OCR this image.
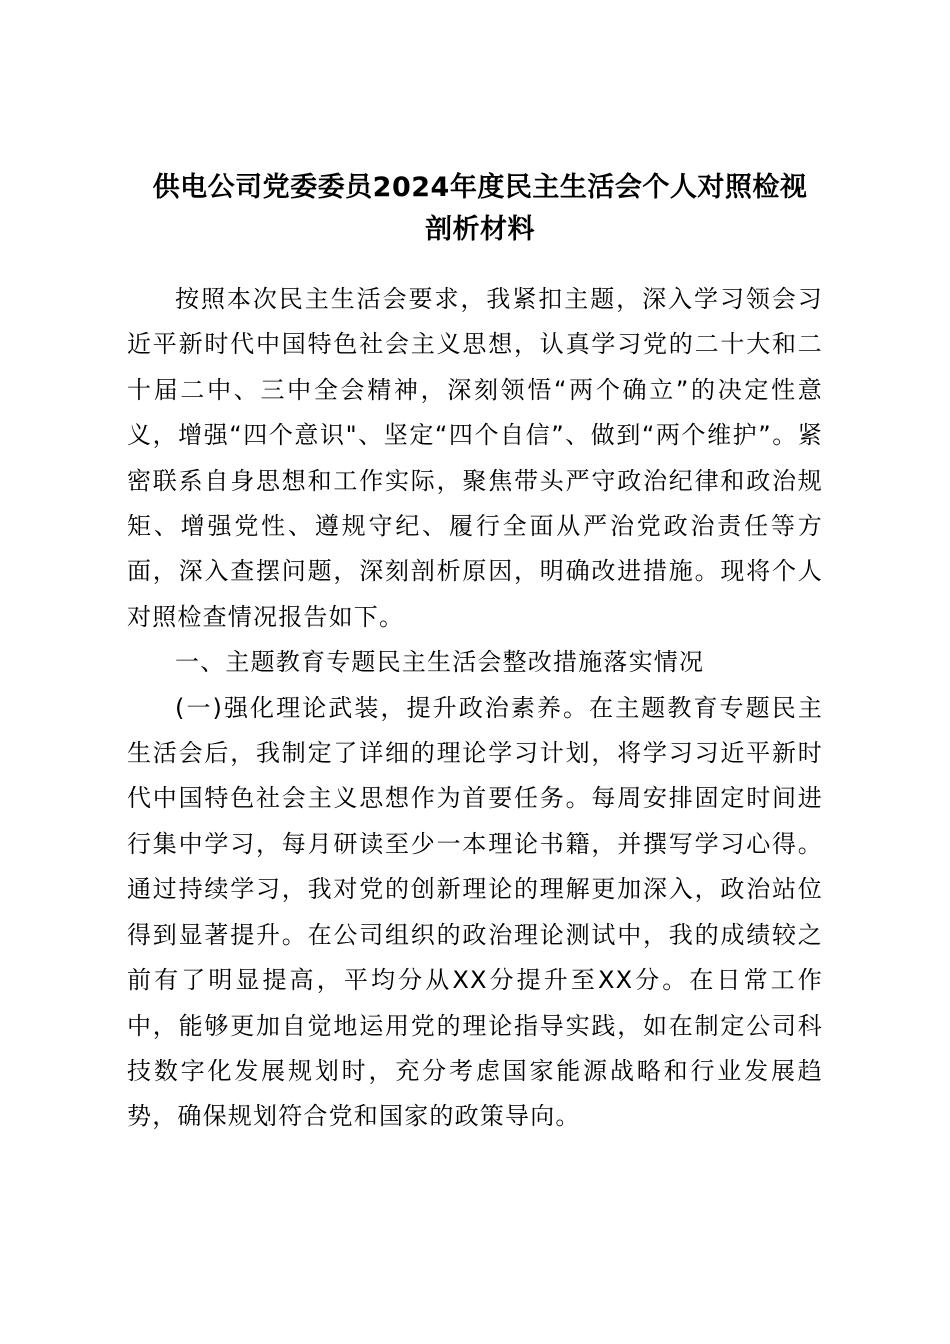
供电公司党委委员2024年度民主生活会个人对照检视
剖析材料

按照本次民主生活会要求，我紧扣主题，深入学习领会习近平新时代中国特色社会主义思想，认真学习党的二十大和二十届二中、三中全会精神，深刻领悟“两个确立”的决定性意义，增强“四个意识"、坚定“四个自信”、做到“两个维护”。紧密联系自身思想和工作实际，聚焦带头严守政治纪律和政治规矩、增强党性、遵规守纪、履行全面从严治党政治责任等方面，深入查摆问题，深刻剖析原因，明确改进措施。现将个人对照检查情况报告如下。

一、主题教育专题民主生活会整改措施落实情况

(一)强化理论武装，提升政治素养。在主题教育专题民主生活会后，我制定了详细的理论学习计划，将学习习近平新时代中国特色社会主义思想作为首要任务。每周安排固定时间进行集中学习，每月研读至少一本理论书籍，并撰写学习心得。通过持续学习，我对党的创新理论的理解更加深入，政治站位得到显著提升。在公司组织的政治理论测试中，我的成绩较之前有了明显提高，平均分从XX分提升至XX分。在日常工作中，能够更加自觉地运用党的理论指导实践，如在制定公司科技数字化发展规划时，充分考虑国家能源战略和行业发展趋势，确保规划符合党和国家的政策导向。
